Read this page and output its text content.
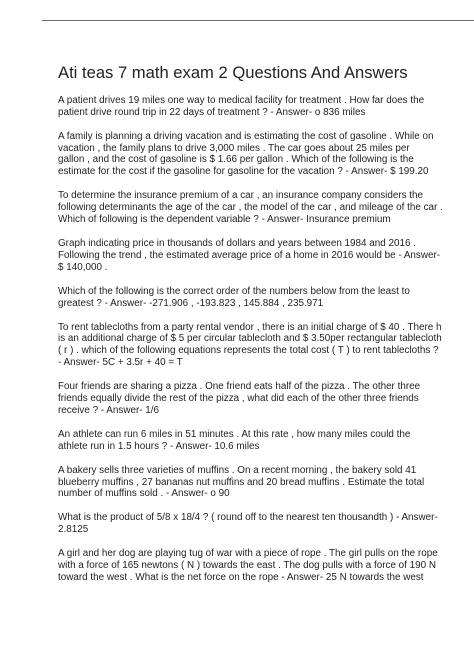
Ati teas 7 math exam 2 Questions And Answers
A patient drives 19 miles one way to medical facility for treatment . How far does the
patient drive round trip in 22 days of treatment ? - Answer- o 836 miles
A family is planning a driving vacation and is estimating the cost of gasoline . While on
vacation , the family plans to drive 3,000 miles . The car goes about 25 miles per
gallon , and the cost of gasoline is $ 1.66 per gallon . Which of the following is the
estimate for the cost if the gasoline for gasoline for the vacation ? - Answer- $ 199.20
To determine the insurance premium of a car , an insurance company considers the
following determinants the age of the car , the model of the car , and mileage of the car .
Which of following is the dependent variable ? - Answer- Insurance premium
Graph indicating price in thousands of dollars and years between 1984 and 2016 .
Following the trend , the estimated average price of a home in 2016 would be - Answer-
$ 140,000 .
Which of the following is the correct order of the numbers below from the least to
greatest ? - Answer- -271.906 , -193.823 , 145.884 , 235.971
To rent tablecloths from a party rental vendor , there is an initial charge of $ 40 . There h
is an additional charge of $ 5 per circular tablecloth and $ 3.50per rectangular tablecloth
( r ) . which of the following equations represents the total cost ( T ) to rent tablecloths ?
- Answer- 5C + 3.5r + 40 = T
Four friends are sharing a pizza . One friend eats half of the pizza . The other three
friends equally divide the rest of the pizza , what did each of the other three friends
receive ? - Answer- 1/6
An athlete can run 6 miles in 51 minutes . At this rate , how many miles could the
athlete run in 1.5 hours ? - Answer- 10.6 miles
A bakery sells three varieties of muffins . On a recent morning , the bakery sold 41
blueberry muffins , 27 bananas nut muffins and 20 bread muffins . Estimate the total
number of muffins sold . - Answer- o 90
What is the product of 5/8 x 18/4 ? ( round off to the nearest ten thousandth ) - Answer-
2.8125
A girl and her dog are playing tug of war with a piece of rope . The girl pulls on the rope
with a force of 165 newtons ( N ) towards the east . The dog pulls with a force of 190 N
toward the west . What is the net force on the rope - Answer- 25 N towards the west
